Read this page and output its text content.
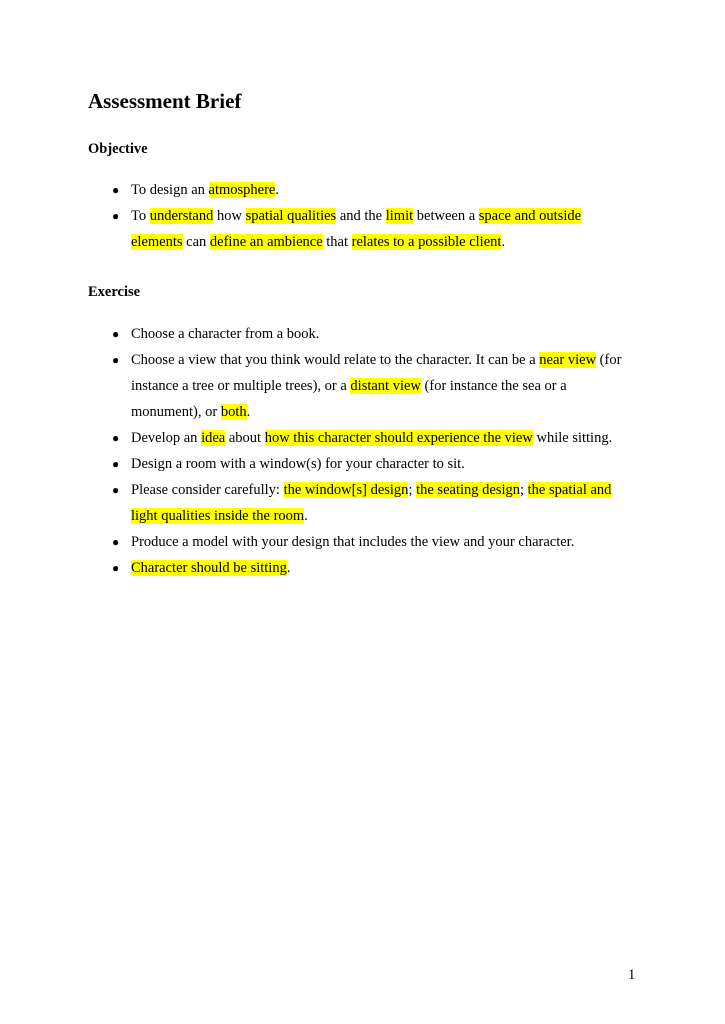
Assessment Brief
Objective
● To design an atmosphere.
● To understand how spatial qualities and the limit between a space and outside elements can define an ambience that relates to a possible client.
Exercise
● Choose a character from a book.
● Choose a view that you think would relate to the character. It can be a near view (for instance a tree or multiple trees), or a distant view (for instance the sea or a monument), or both.
● Develop an idea about how this character should experience the view while sitting.
● Design a room with a window(s) for your character to sit.
● Please consider carefully: the window[s] design; the seating design; the spatial and light qualities inside the room.
● Produce a model with your design that includes the view and your character.
● Character should be sitting.
1
